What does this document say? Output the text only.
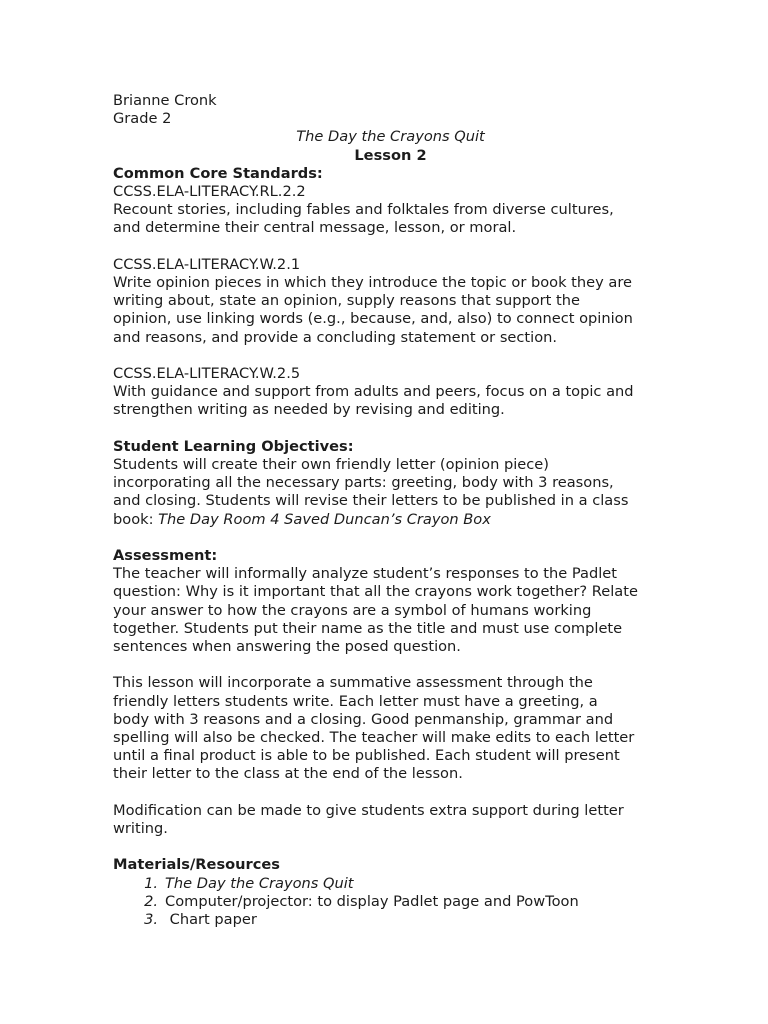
Brianne Cronk
Grade 2
The Day the Crayons Quit
Lesson 2
Common Core Standards:
CCSS.ELA-LITERACY.RL.2.2
Recount stories, including fables and folktales from diverse cultures,
and determine their central message, lesson, or moral.
CCSS.ELA-LITERACY.W.2.1
Write opinion pieces in which they introduce the topic or book they are
writing about, state an opinion, supply reasons that support the
opinion, use linking words (e.g., because, and, also) to connect opinion
and reasons, and provide a concluding statement or section.
CCSS.ELA-LITERACY.W.2.5
With guidance and support from adults and peers, focus on a topic and
strengthen writing as needed by revising and editing.
Student Learning Objectives:
Students will create their own friendly letter (opinion piece)
incorporating all the necessary parts: greeting, body with 3 reasons,
and closing. Students will revise their letters to be published in a class
book: The Day Room 4 Saved Duncan’s Crayon Box
Assessment:
The teacher will informally analyze student’s responses to the Padlet
question: Why is it important that all the crayons work together? Relate
your answer to how the crayons are a symbol of humans working
together. Students put their name as the title and must use complete
sentences when answering the posed question.
This lesson will incorporate a summative assessment through the
friendly letters students write. Each letter must have a greeting, a
body with 3 reasons and a closing. Good penmanship, grammar and
spelling will also be checked. The teacher will make edits to each letter
until a final product is able to be published. Each student will present
their letter to the class at the end of the lesson.
Modification can be made to give students extra support during letter
writing.
Materials/Resources
1. The Day the Crayons Quit
2. Computer/projector: to display Padlet page and PowToon
3. Chart paper
